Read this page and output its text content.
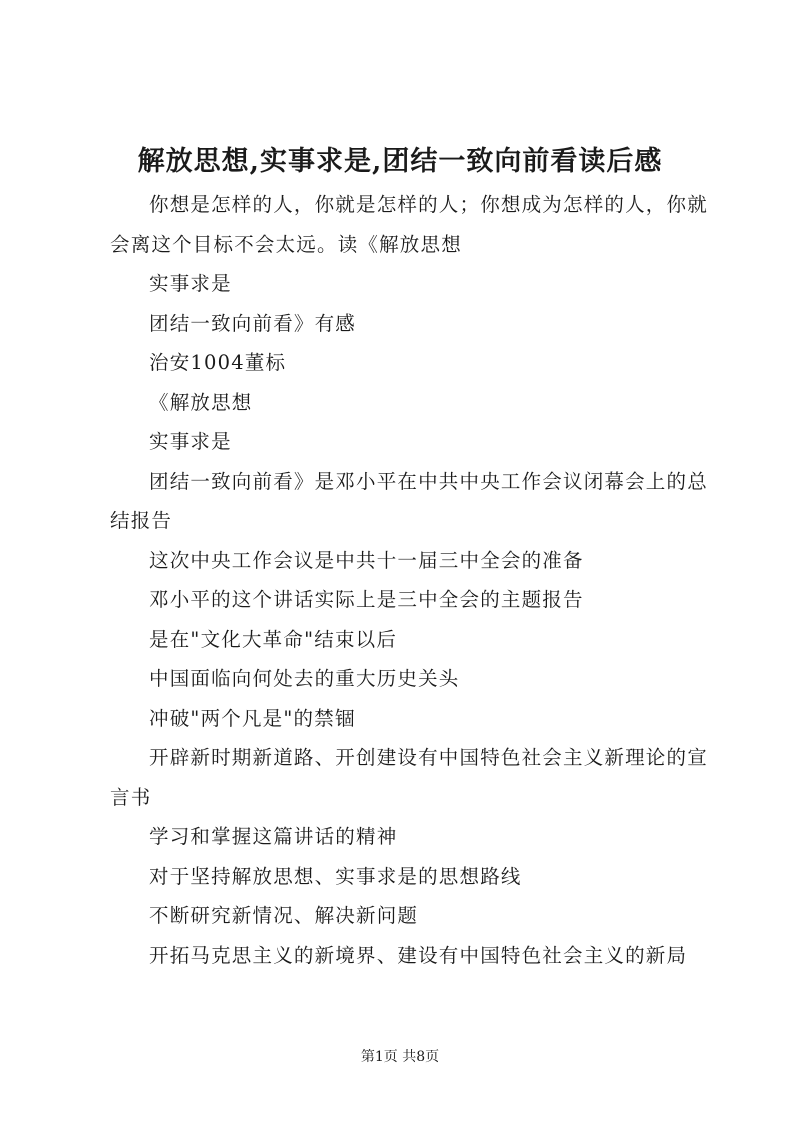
解放思想,实事求是,团结一致向前看读后感

你想是怎样的人，你就是怎样的人；你想成为怎样的人，你就会离这个目标不会太远。读《解放思想

实事求是

团结一致向前看》有感

治安1004董标

《解放思想

实事求是

团结一致向前看》是邓小平在中共中央工作会议闭幕会上的总结报告

这次中央工作会议是中共十一届三中全会的准备

邓小平的这个讲话实际上是三中全会的主题报告

是在"文化大革命"结束以后

中国面临向何处去的重大历史关头

冲破"两个凡是"的禁锢

开辟新时期新道路、开创建设有中国特色社会主义新理论的宣言书

学习和掌握这篇讲话的精神

对于坚持解放思想、实事求是的思想路线

不断研究新情况、解决新问题

开拓马克思主义的新境界、建设有中国特色社会主义的新局

第1页 共8页
